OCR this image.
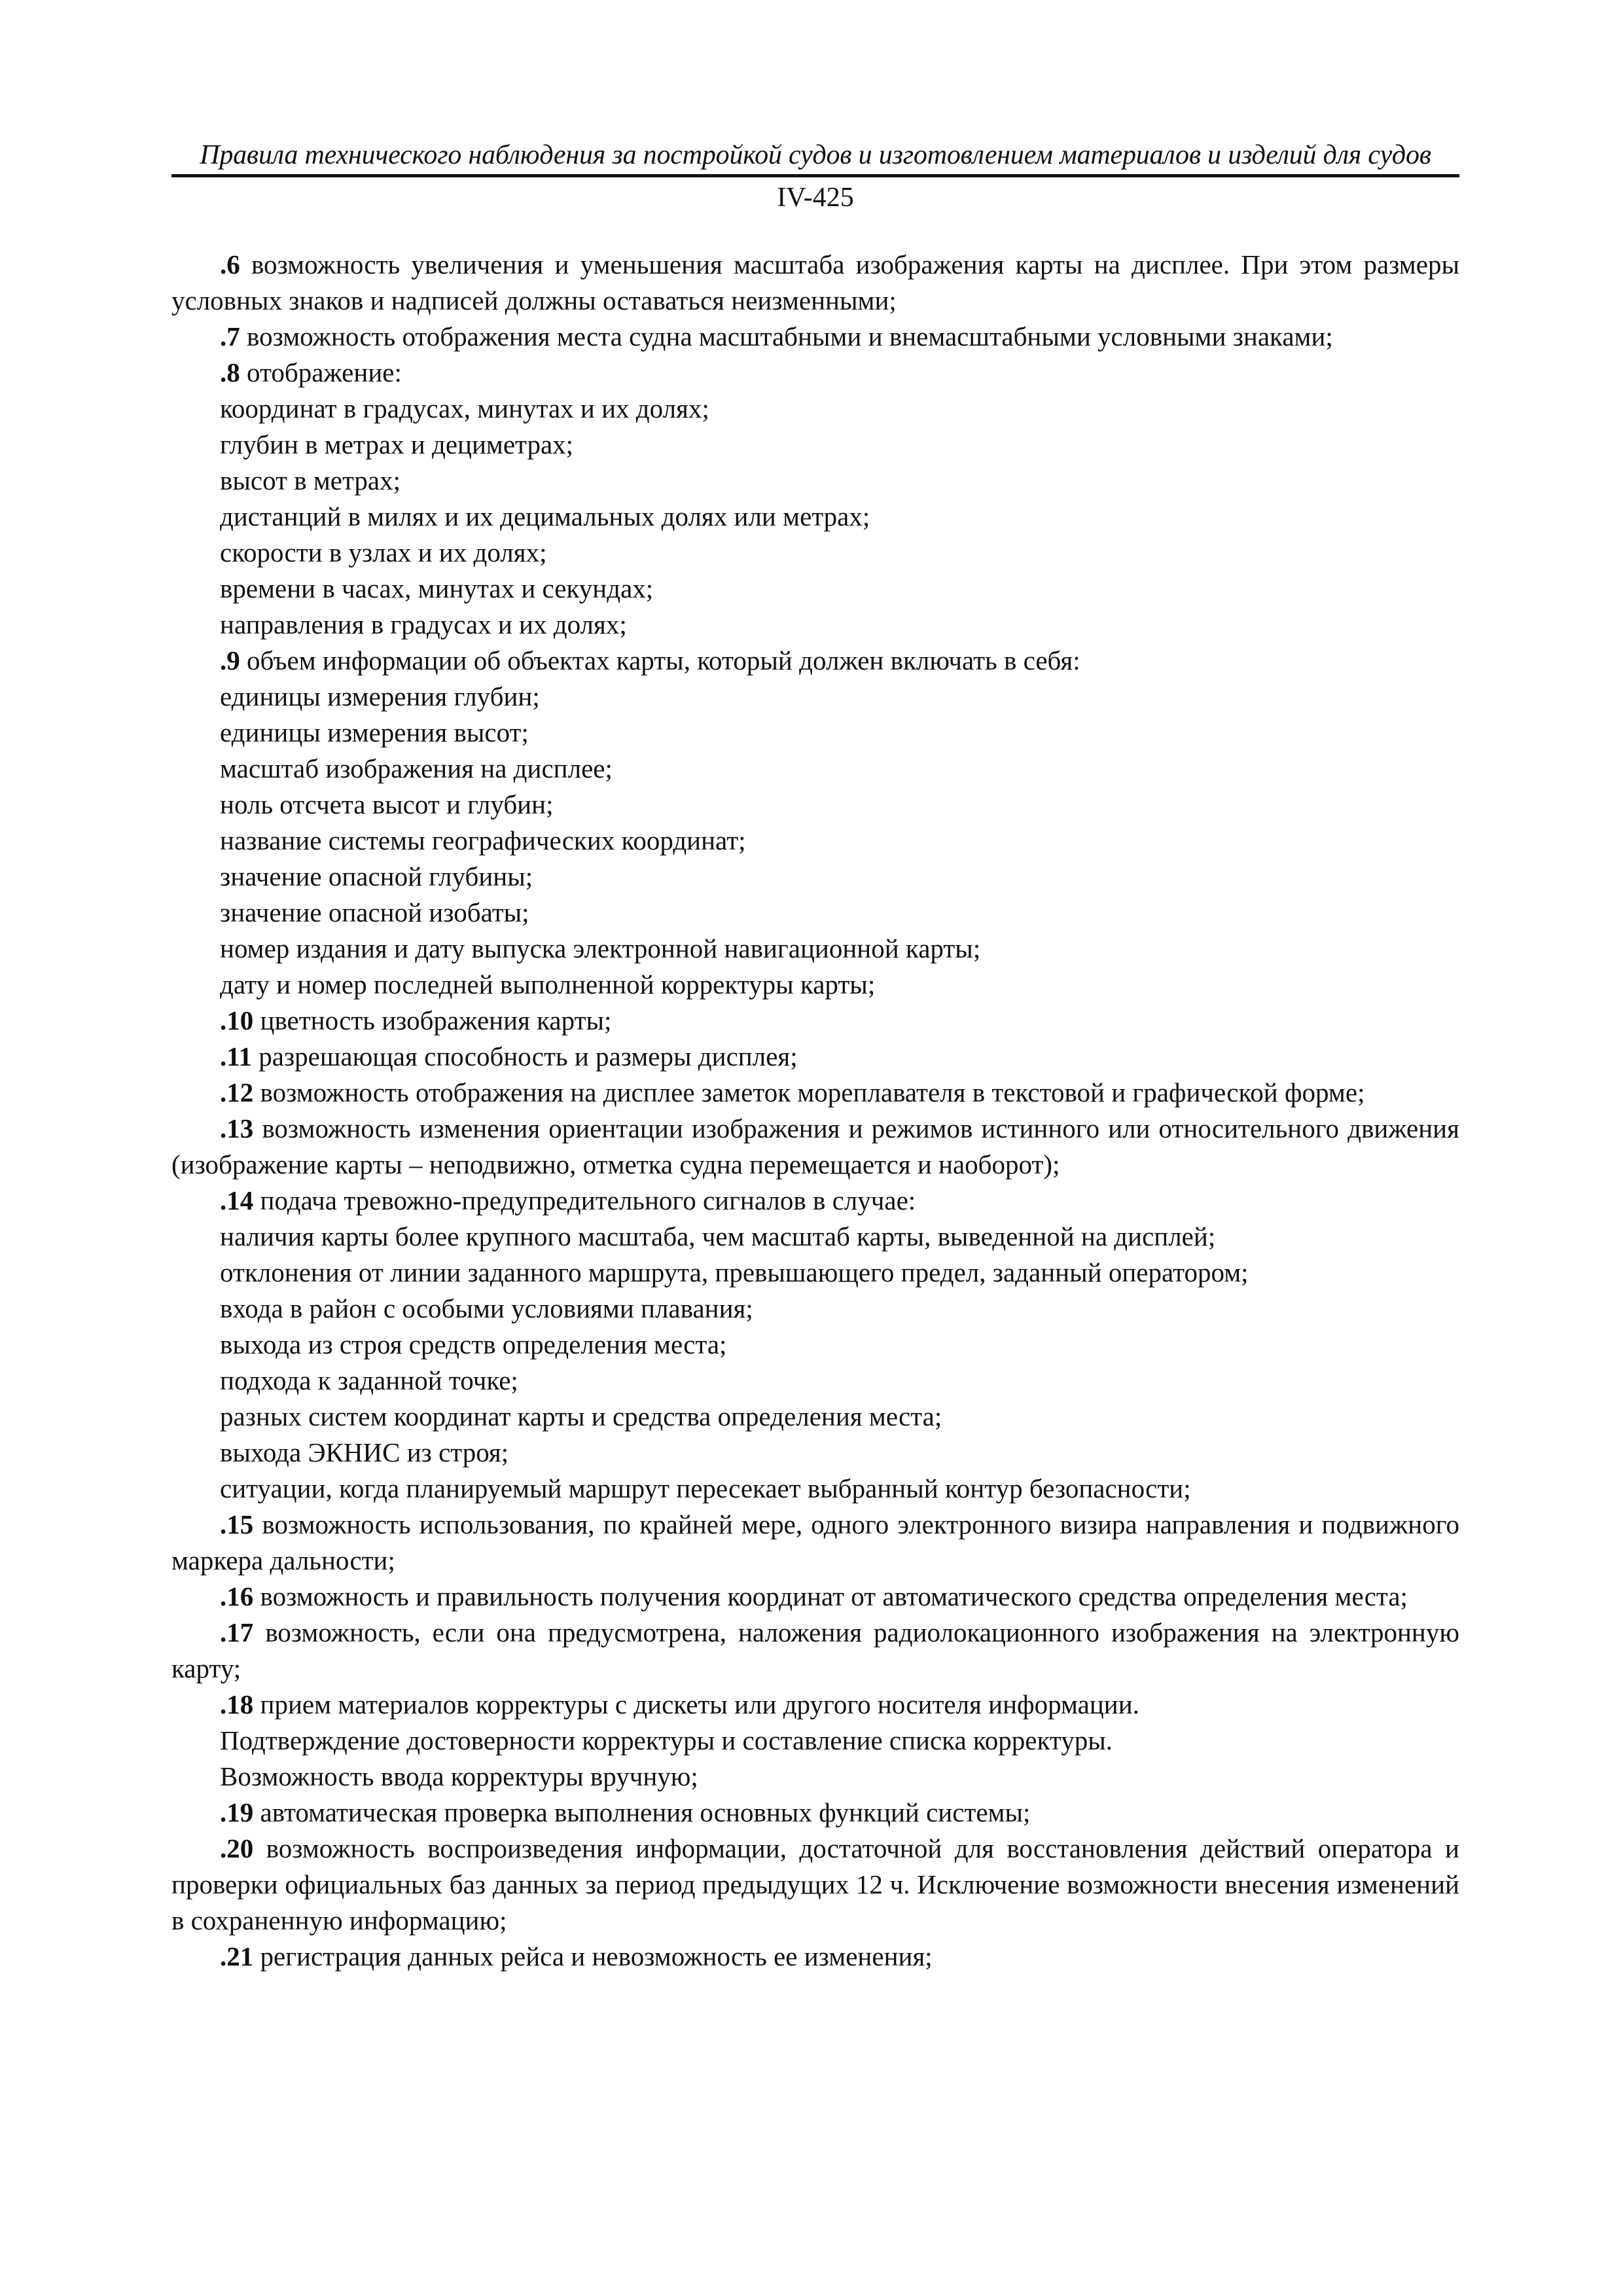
Правила технического наблюдения за постройкой судов и изготовлением материалов и изделий для судов
IV-425

.6 возможность увеличения и уменьшения масштаба изображения карты на дисплее. При этом размеры условных знаков и надписей должны оставаться неизменными;

.7 возможность отображения места судна масштабными и внемасштабными условными знаками;

.8 отображение:

координат в градусах, минутах и их долях;

глубин в метрах и дециметрах;

высот в метрах;

дистанций в милях и их децимальных долях или метрах;

скорости в узлах и их долях;

времени в часах, минутах и секундах;

направления в градусах и их долях;

.9 объем информации об объектах карты, который должен включать в себя:

единицы измерения глубин;

единицы измерения высот;

масштаб изображения на дисплее;

ноль отсчета высот и глубин;

название системы географических координат;

значение опасной глубины;

значение опасной изобаты;

номер издания и дату выпуска электронной навигационной карты;

дату и номер последней выполненной корректуры карты;

.10 цветность изображения карты;

.11 разрешающая способность и размеры дисплея;

.12 возможность отображения на дисплее заметок мореплавателя в текстовой и графической форме;

.13 возможность изменения ориентации изображения и режимов истинного или относительного движения (изображение карты – неподвижно, отметка судна перемещается и наоборот);

.14 подача тревожно-предупредительного сигналов в случае:

наличия карты более крупного масштаба, чем масштаб карты, выведенной на дисплей;

отклонения от линии заданного маршрута, превышающего предел, заданный оператором;

входа в район с особыми условиями плавания;

выхода из строя средств определения места;

подхода к заданной точке;

разных систем координат карты и средства определения места;

выхода ЭКНИС из строя;

ситуации, когда планируемый маршрут пересекает выбранный контур безопасности;

.15 возможность использования, по крайней мере, одного электронного визира направления и подвижного маркера дальности;

.16 возможность и правильность получения координат от автоматического средства определения места;

.17 возможность, если она предусмотрена, наложения радиолокационного изображения на электронную карту;

.18 прием материалов корректуры с дискеты или другого носителя информации.

Подтверждение достоверности корректуры и составление списка корректуры.

Возможность ввода корректуры вручную;

.19 автоматическая проверка выполнения основных функций системы;

.20 возможность воспроизведения информации, достаточной для восстановления действий оператора и проверки официальных баз данных за период предыдущих 12 ч. Исключение возможности внесения изменений в сохраненную информацию;

.21 регистрация данных рейса и невозможность ее изменения;
